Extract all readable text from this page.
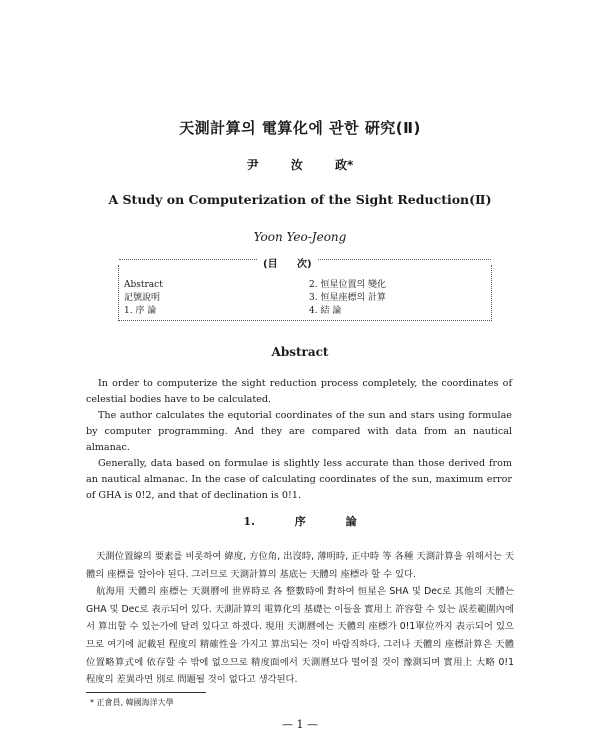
天測計算의 電算化에 관한 硏究(Ⅱ)
尹 汝 政*
A Study on Computerization of the Sight Reduction(Ⅱ)
Yoon Yeo-Jeong
(目 次)
Abstract
記號說明
1. 序 論
2. 恒星位置의 變化
3. 恒星座標의 計算
4. 結 論
Abstract

In order to computerize the sight reduction process completely, the coordinates of celestial bodies have to be calculated.

The author calculates the equtorial coordinates of the sun and stars using formulae by computer programming. And they are compared with data from an nautical almanac.

Generally, data based on formulae is slightly less accurate than those derived from an nautical almanac. In the case of calculating coordinates of the sun, maximum error of GHA is 0!2, and that of declination is 0!1.

1. 序 論

天測位置線의 要素를 비롯하여 緯度, 方位角, 出沒時, 薄明時, 正中時 等 各種 天測計算을 위해서는 天體의 座標를 알아야 된다. 그러므로 天測計算의 基底는 天體의 座標라 할 수 있다.

航海用 天體의 座標는 天測曆에 世界時로 各 整數時에 對하여 恒星은 SHA 및 Dec로 其他의 天體는 GHA 및 Dec로 表示되어 있다. 天測計算의 電算化의 基礎는 이들을 實用上 許容할 수 있는 誤差範圍內에서 算出할 수 있는가에 달려 있다고 하겠다. 現用 天測曆에는 天體의 座標가 0!1單位까지 表示되어 있으므로 여기에 記載된 程度의 精確性을 가지고 算出되는 것이 바람직하다. 그러나 天體의 座標計算은 天體位置略算式에 依存할 수 밖에 없으므로 精度面에서 天測曆보다 떨어질 것이 豫測되며 實用上 大略 0!1 程度의 差異라면 別로 問題될 것이 없다고 생각된다.

* 正會員, 韓國海洋大學
— 1 —
